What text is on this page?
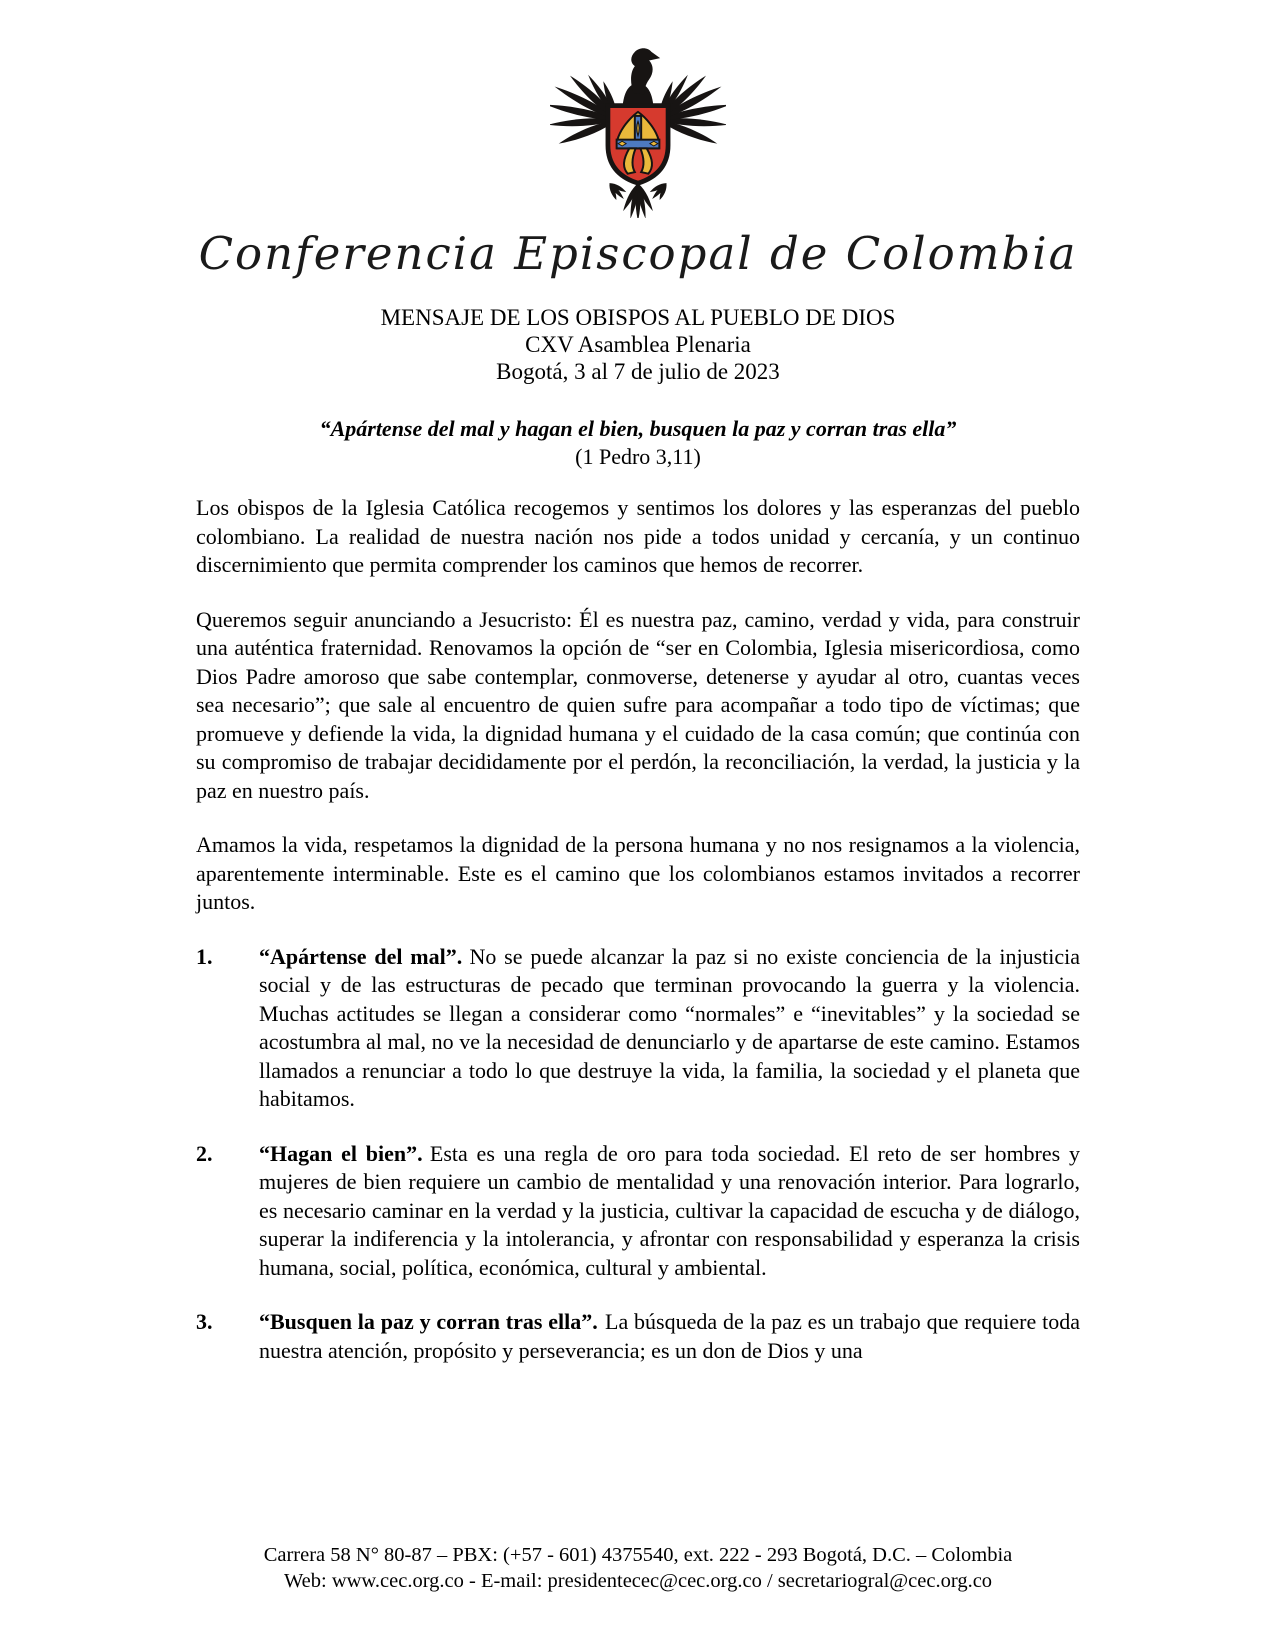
Conferencia Episcopal de Colombia
MENSAJE DE LOS OBISPOS AL PUEBLO DE DIOS
CXV Asamblea Plenaria
Bogotá, 3 al 7 de julio de 2023
“Apártense del mal y hagan el bien, busquen la paz y corran tras ella”
(1 Pedro 3,11)

Los obispos de la Iglesia Católica recogemos y sentimos los dolores y las esperanzas del pueblo colombiano. La realidad de nuestra nación nos pide a todos unidad y cercanía, y un continuo discernimiento que permita comprender los caminos que hemos de recorrer.

Queremos seguir anunciando a Jesucristo: Él es nuestra paz, camino, verdad y vida, para construir una auténtica fraternidad. Renovamos la opción de “ser en Colombia, Iglesia misericordiosa, como Dios Padre amoroso que sabe contemplar, conmoverse, detenerse y ayudar al otro, cuantas veces sea necesario”; que sale al encuentro de quien sufre para acompañar a todo tipo de víctimas; que promueve y defiende la vida, la dignidad humana y el cuidado de la casa común; que continúa con su compromiso de trabajar decididamente por el perdón, la reconciliación, la verdad, la justicia y la paz en nuestro país.

Amamos la vida, respetamos la dignidad de la persona humana y no nos resignamos a la violencia, aparentemente interminable. Este es el camino que los colombianos estamos invitados a recorrer juntos.

1.	“Apártense del mal”. No se puede alcanzar la paz si no existe conciencia de la injusticia social y de las estructuras de pecado que terminan provocando la guerra y la violencia. Muchas actitudes se llegan a considerar como “normales” e “inevitables” y la sociedad se acostumbra al mal, no ve la necesidad de denunciarlo y de apartarse de este camino. Estamos llamados a renunciar a todo lo que destruye la vida, la familia, la sociedad y el planeta que habitamos.
2.	“Hagan el bien”. Esta es una regla de oro para toda sociedad. El reto de ser hombres y mujeres de bien requiere un cambio de mentalidad y una renovación interior. Para lograrlo, es necesario caminar en la verdad y la justicia, cultivar la capacidad de escucha y de diálogo, superar la indiferencia y la intolerancia, y afrontar con responsabilidad y esperanza la crisis humana, social, política, económica, cultural y ambiental.
3.	“Busquen la paz y corran tras ella”. La búsqueda de la paz es un trabajo que requiere toda nuestra atención, propósito y perseverancia; es un don de Dios y una
Carrera 58 N° 80-87 – PBX: (+57 - 601) 4375540, ext. 222 - 293 Bogotá, D.C. – Colombia
Web: www.cec.org.co - E-mail: presidentecec@cec.org.co / secretariogral@cec.org.co
